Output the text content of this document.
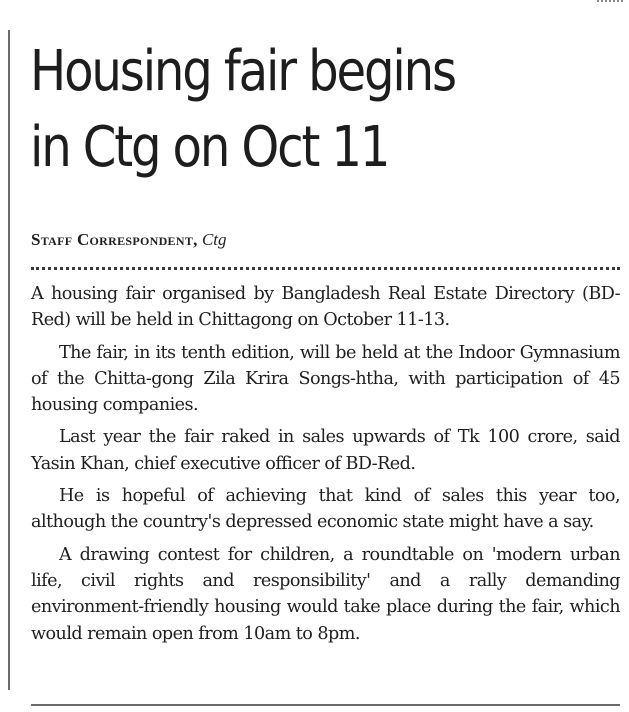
Housing fair begins
in Ctg on Oct 11
Staff Correspondent, Ctg

A housing fair organised by Bangladesh Real Estate Directory (BD-Red) will be held in Chittagong on October 11-13.

The fair, in its tenth edition, will be held at the Indoor Gymnasium of the Chitta-gong Zila Krira Songs-htha, with participation of 45 housing companies.

Last year the fair raked in sales upwards of Tk 100 crore, said Yasin Khan, chief executive officer of BD-Red.

He is hopeful of achieving that kind of sales this year too, although the country's depressed economic state might have a say.

A drawing contest for children, a roundtable on 'modern urban life, civil rights and responsibility' and a rally demanding environment-friendly housing would take place during the fair, which would remain open from 10am to 8pm.
